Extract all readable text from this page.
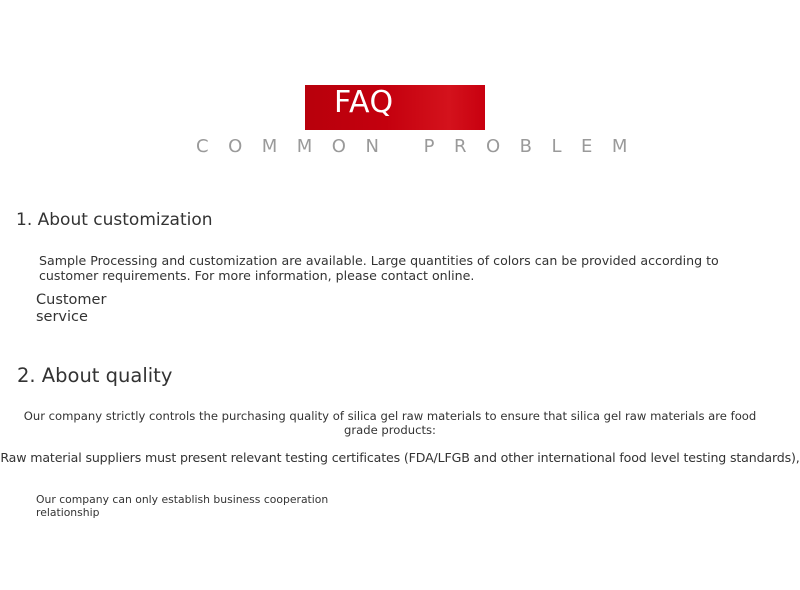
FAQ
COMMON PROBLEM
1. About customization
Sample Processing and customization are available. Large quantities of colors can be provided according to customer requirements. For more information, please contact online.
Customer service
2. About quality
Our company strictly controls the purchasing quality of silica gel raw materials to ensure that silica gel raw materials are food grade products:
Raw material suppliers must present relevant testing certificates (FDA/LFGB and other international food level testing standards),
Our company can only establish business cooperation relationship
